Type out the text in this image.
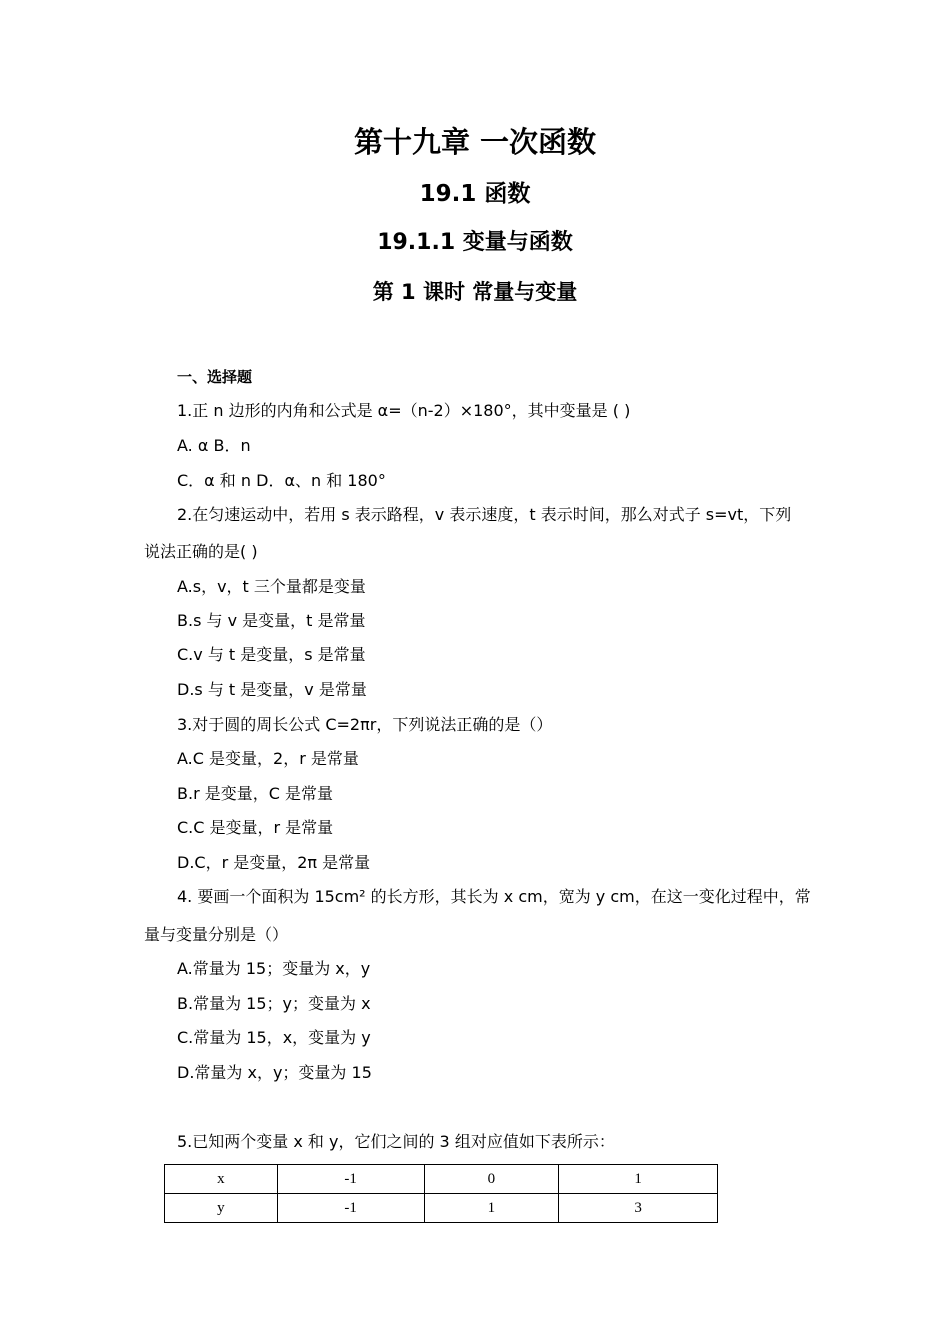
第十九章 一次函数
19.1 函数
19.1.1 变量与函数
第 1 课时 常量与变量

一、选择题

1.正 n 边形的内角和公式是 α=（n-2）×180°，其中变量是 ( )

A. α B．n

C．α 和 n D．α、n 和 180°

2.在匀速运动中，若用 s 表示路程，v 表示速度，t 表示时间，那么对式子 s=vt，下列

说法正确的是( )

A.s，v，t 三个量都是变量

B.s 与 v 是变量，t 是常量

C.v 与 t 是变量，s 是常量

D.s 与 t 是变量，v 是常量

3.对于圆的周长公式 C=2πr，下列说法正确的是（）

A.C 是变量，2，r 是常量

B.r 是变量，C 是常量

C.C 是变量，r 是常量

D.C，r 是变量，2π 是常量

4. 要画一个面积为 15cm² 的长方形，其长为 x cm，宽为 y cm，在这一变化过程中，常

量与变量分别是（）

A.常量为 15；变量为 x，y

B.常量为 15；y；变量为 x

C.常量为 15，x，变量为 y

D.常量为 x，y；变量为 15

5.已知两个变量 x 和 y，它们之间的 3 组对应值如下表所示：

x	-1	0	1
y	-1	1	3
